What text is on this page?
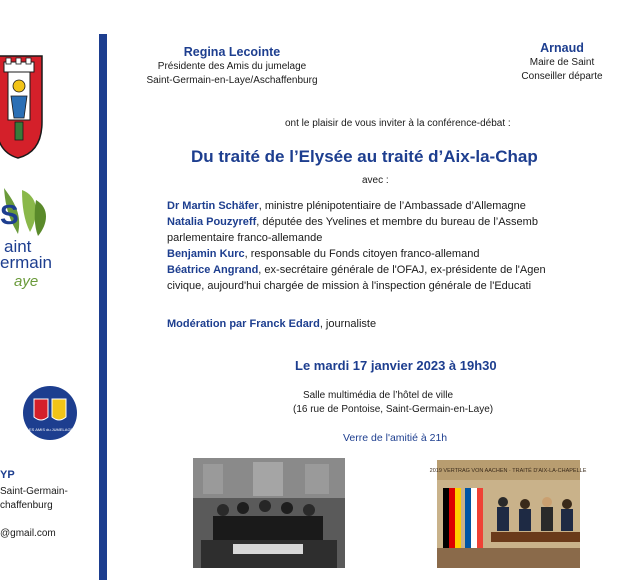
S
aint
ermain
aye
LES AMIS du JUMELAGE
YP
Saint-Germain-
chaffenburg
@gmail.com
Regina Lecointe
Présidente des Amis du jumelage
Saint-Germain-en-Laye/Aschaffenburg
Arnaud
Maire de Saint
Conseiller départe
ont le plaisir de vous inviter à la conférence-débat :
Du traité de l’Elysée au traité d’Aix-la-Chap
avec :

Dr Martin Schäfer, ministre plénipotentiaire de l’Ambassade d’Allemagne

Natalia Pouzyreff, députée des Yvelines et membre du bureau de l’Assemb

parlementaire franco-allemande

Benjamin Kurc, responsable du Fonds citoyen franco-allemand

Béatrice Angrand, ex-secrétaire générale de l'OFAJ, ex-présidente de l'Agen

civique, aujourd'hui chargée de mission à l'inspection générale de l'Educati

Modération par Franck Edard, journaliste
Le mardi 17 janvier 2023 à 19h30
Salle multimédia de l’hôtel de ville
(16 rue de Pontoise, Saint-Germain-en-Laye)
Verre de l'amitié à 21h
2019 VERTRAG VON AACHEN · TRAITÉ D'AIX-LA-CHAPELLE
